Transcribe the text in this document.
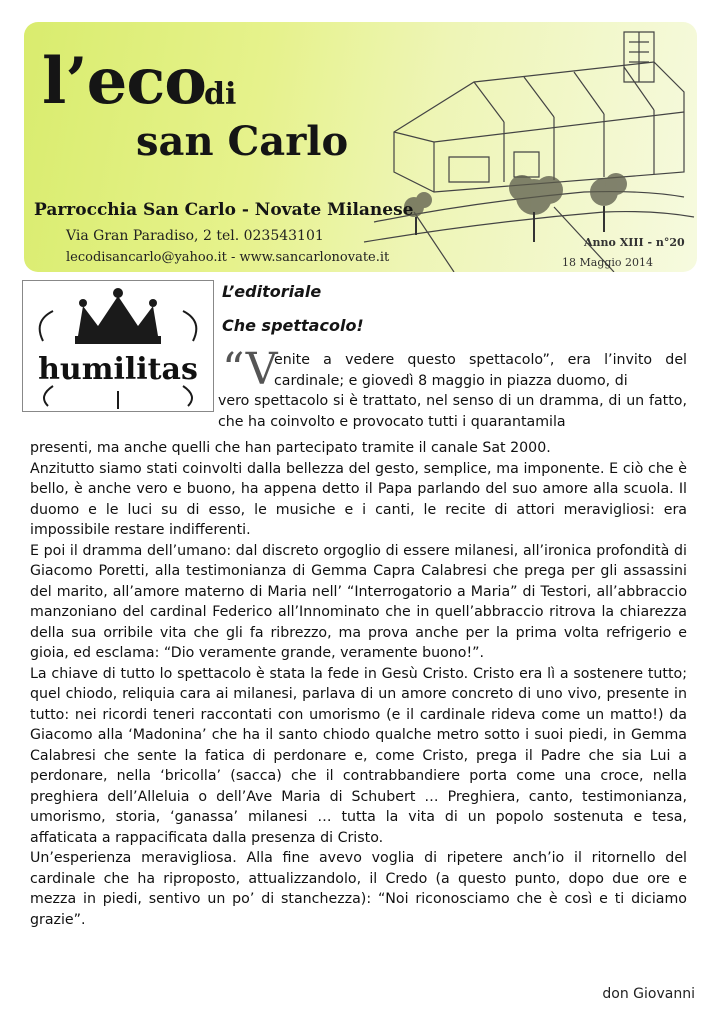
l’eco
di
san Carlo
Parrocchia San Carlo - Novate Milanese
Via Gran Paradiso, 2 tel. 023543101
lecodisancarlo@yahoo.it - www.sancarlonovate.it
Anno XIII - n°20
18 Maggio 2014
humilitas
L’editoriale
Che spettacolo!
“V
enite a vedere questo spettacolo”, era l’invito del cardinale; e giovedì 8 maggio in piazza duomo, di
vero spettacolo si è trattato, nel senso di un dramma, di un fatto, che ha coinvolto e provocato tutti i quarantamila

presenti, ma anche quelli che han partecipato tramite il canale Sat 2000.

Anzitutto siamo stati coinvolti dalla bellezza del gesto, semplice, ma imponente. E ciò che è bello, è anche vero e buono, ha appena detto il Papa parlando del suo amore alla scuola. Il duomo e le luci su di esso, le musiche e i canti, le recite di attori meravigliosi: era impossibile restare indifferenti.

E poi il dramma dell’umano: dal discreto orgoglio di essere milanesi, all’ironica profondità di Giacomo Poretti, alla testimonianza di Gemma Capra Calabresi che prega per gli assassini del marito, all’amore materno di Maria nell’ “Interrogatorio a Maria” di Testori, all’abbraccio manzoniano del cardinal Federico all’Innominato che in quell’abbraccio ritrova la chiarezza della sua orribile vita che gli fa ribrezzo, ma prova anche per la prima volta refrigerio e gioia, ed esclama: “Dio veramente grande, veramente buono!”.

La chiave di tutto lo spettacolo è stata la fede in Gesù Cristo. Cristo era lì a sostenere tutto; quel chiodo, reliquia cara ai milanesi, parlava di un amore concreto di uno vivo, presente in tutto: nei ricordi teneri raccontati con umorismo (e il cardinale rideva come un matto!) da Giacomo alla ‘Madonina’ che ha il santo chiodo qualche metro sotto i suoi piedi, in Gemma Calabresi che sente la fatica di perdonare e, come Cristo, prega il Padre che sia Lui a perdonare, nella ‘bricolla’ (sacca) che il contrabbandiere porta come una croce, nella preghiera dell’Alleluia o dell’Ave Maria di Schubert … Preghiera, canto, testimonianza, umorismo, storia, ‘ganassa’ milanesi … tutta la vita di un popolo sostenuta e tesa, affaticata a rappacificata dalla presenza di Cristo.

Un’esperienza meravigliosa. Alla fine avevo voglia di ripetere anch’io il ritornello del cardinale che ha riproposto, attualizzandolo, il Credo (a questo punto, dopo due ore e mezza in piedi, sentivo un po’ di stanchezza): “Noi riconosciamo che è così e ti diciamo grazie”.

don Giovanni
